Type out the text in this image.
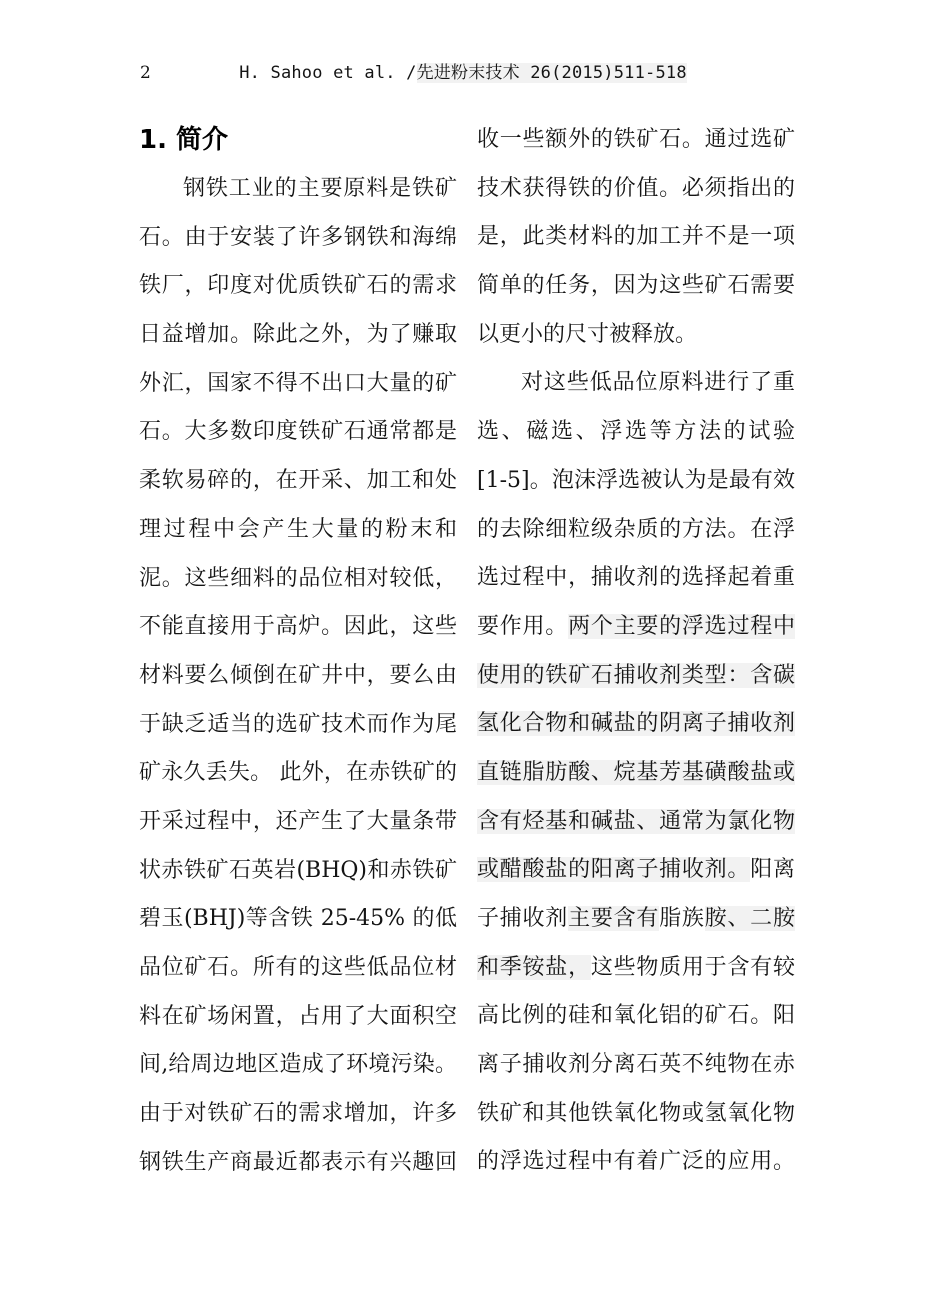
2	H. Sahoo et al. /先进粉末技术 26(2015)511-518
1. 简介
钢铁工业的主要原料是铁矿
石。由于安装了许多钢铁和海绵
铁厂，印度对优质铁矿石的需求
日益增加。除此之外，为了赚取
外汇，国家不得不出口大量的矿
石。大多数印度铁矿石通常都是
柔软易碎的，在开采、加工和处
理过程中会产生大量的粉末和
泥。这些细料的品位相对较低，
不能直接用于高炉。因此，这些
材料要么倾倒在矿井中，要么由
于缺乏适当的选矿技术而作为尾
矿永久丢失。 此外，在赤铁矿的
开采过程中，还产生了大量条带
状赤铁矿石英岩(BHQ)和赤铁矿
碧玉(BHJ)等含铁 25-45% 的低
品位矿石。所有的这些低品位材
料在矿场闲置，占用了大面积空
间,给周边地区造成了环境污染。
由于对铁矿石的需求增加，许多
钢铁生产商最近都表示有兴趣回
收一些额外的铁矿石。通过选矿
技术获得铁的价值。必须指出的
是，此类材料的加工并不是一项
简单的任务，因为这些矿石需要
以更小的尺寸被释放。
对这些低品位原料进行了重
选、磁选、浮选等方法的试验
[1-5]。泡沫浮选被认为是最有效
的去除细粒级杂质的方法。在浮
选过程中，捕收剂的选择起着重
要作用。两个主要的浮选过程中
使用的铁矿石捕收剂类型：含碳
氢化合物和碱盐的阴离子捕收剂
直链脂肪酸、烷基芳基磺酸盐或
含有烃基和碱盐、通常为氯化物
或醋酸盐的阳离子捕收剂。阳离
子捕收剂主要含有脂族胺、二胺
和季铵盐，这些物质用于含有较
高比例的硅和氧化铝的矿石。阳
离子捕收剂分离石英不纯物在赤
铁矿和其他铁氧化物或氢氧化物
的浮选过程中有着广泛的应用。
